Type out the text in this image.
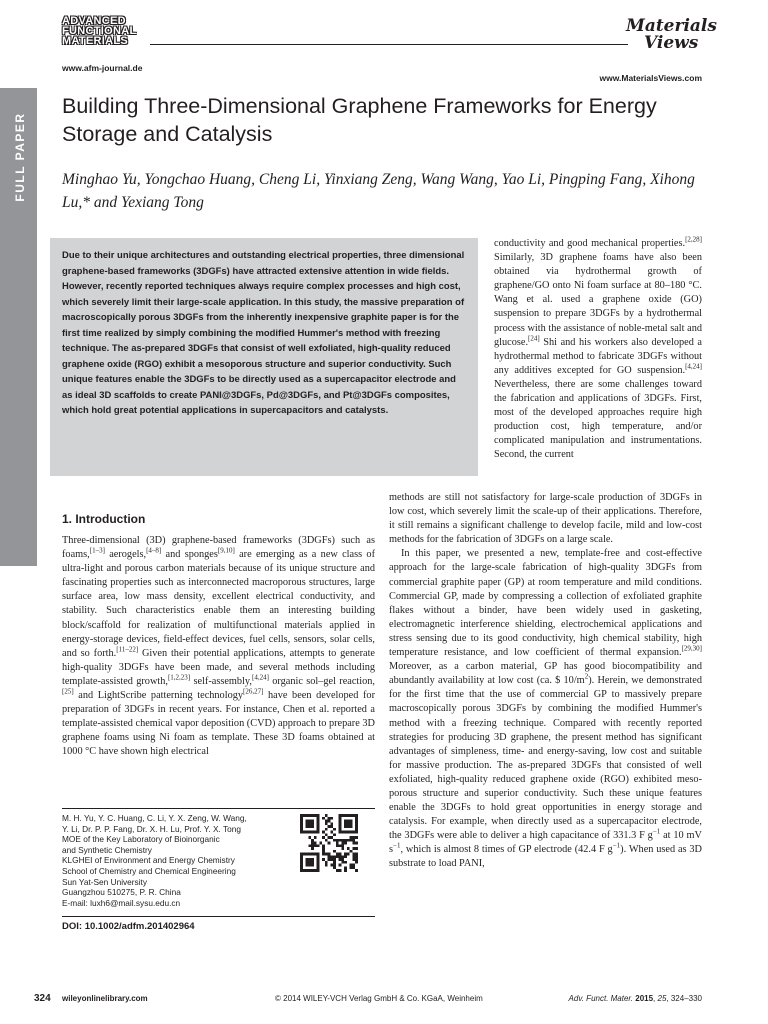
ADVANCED
FUNCTIONAL
MATERIALS
www.afm-journal.de
Materials
Views
www.MaterialsViews.com
FULL PAPER
Building Three-Dimensional Graphene Frameworks for Energy Storage and Catalysis

Minghao Yu, Yongchao Huang, Cheng Li, Yinxiang Zeng, Wang Wang, Yao Li, Pingping Fang, Xihong Lu,* and Yexiang Tong

Due to their unique architectures and outstanding electrical properties, three dimensional graphene-based frameworks (3DGFs) have attracted extensive attention in wide fields. However, recently reported techniques always require complex processes and high cost, which severely limit their large-scale application. In this study, the massive preparation of macroscopically porous 3DGFs from the inherently inexpensive graphite paper is for the first time realized by simply combining the modified Hummer's method with freezing technique. The as-prepared 3DGFs that consist of well exfoliated, high-quality reduced graphene oxide (RGO) exhibit a mesoporous structure and superior conductivity. Such unique features enable the 3DGFs to be directly used as a supercapacitor electrode and as ideal 3D scaffolds to create PANI@3DGFs, Pd@3DGFs, and Pt@3DGFs composites, which hold great potential applications in supercapacitors and catalysts.

conductivity and good mechanical properties.[2,28] Similarly, 3D graphene foams have also been obtained via hydrothermal growth of graphene/GO onto Ni foam surface at 80–180 °C. Wang et al. used a graphene oxide (GO) suspension to prepare 3DGFs by a hydrothermal process with the assistance of noble-metal salt and glucose.[24] Shi and his workers also developed a hydrothermal method to fabricate 3DGFs without any additives excepted for GO suspension.[4,24] Nevertheless, there are some challenges toward the fabrication and applications of 3DGFs. First, most of the developed approaches require high production cost, high temperature, and/or complicated manipulation and instrumentations. Second, the current

1. Introduction

Three-dimensional (3D) graphene-based frameworks (3DGFs) such as foams,[1–3] aerogels,[4–8] and sponges[9,10] are emerging as a new class of ultra-light and porous carbon materials because of its unique structure and fascinating properties such as interconnected macroporous structures, large surface area, low mass density, excellent electrical conductivity, and stability. Such characteristics enable them an interesting building block/scaffold for realization of multifunctional materials applied in energy-storage devices, field-effect devices, fuel cells, sensors, solar cells, and so forth.[11–22] Given their potential applications, attempts to generate high-quality 3DGFs have been made, and several methods including template-assisted growth,[1,2,23] self-assembly,[4,24] organic sol–gel reaction,[25] and LightScribe patterning technology[26,27] have been developed for preparation of 3DGFs in recent years. For instance, Chen et al. reported a template-assisted chemical vapor deposition (CVD) approach to prepare 3D graphene foams using Ni foam as template. These 3D foams obtained at 1000 °C have shown high electrical

methods are still not satisfactory for large-scale production of 3DGFs in low cost, which severely limit the scale-up of their applications. Therefore, it still remains a significant challenge to develop facile, mild and low-cost methods for the fabrication of 3DGFs on a large scale.

In this paper, we presented a new, template-free and cost-effective approach for the large-scale fabrication of high-quality 3DGFs from commercial graphite paper (GP) at room temperature and mild conditions. Commercial GP, made by compressing a collection of exfoliated graphite flakes without a binder, have been widely used in gasketing, electromagnetic interference shielding, electrochemical applications and stress sensing due to its good conductivity, high chemical stability, high temperature resistance, and low coefficient of thermal expansion.[29,30] Moreover, as a carbon material, GP has good biocompatibility and abundantly availability at low cost (ca. $ $10/m^2$). Herein, we demonstrated for the first time that the use of commercial GP to massively prepare macroscopically porous 3DGFs by combining the modified Hummer's method with a freezing technique. Compared with recently reported strategies for producing 3D graphene, the present method has significant advantages of simpleness, time- and energy-saving, low cost and suitable for massive production. The as-prepared 3DGFs that consisted of well exfoliated, high-quality reduced graphene oxide (RGO) exhibited meso-porous structure and superior conductivity. Such these unique features enable the 3DGFs to hold great opportunities in energy storage and catalysis. For example, when directly used as a supercapacitor electrode, the 3DGFs were able to deliver a high capacitance of 331.3 F $g^{-1}$ at 10 mV $s^{-1}$, which is almost 8 times of GP electrode (42.4 F $g^{-1}$). When used as 3D substrate to load PANI,

M. H. Yu, Y. C. Huang, C. Li, Y. X. Zeng, W. Wang,
Y. Li, Dr. P. P. Fang, Dr. X. H. Lu, Prof. Y. X. Tong
MOE of the Key Laboratory of Bioinorganic
and Synthetic Chemistry
KLGHEI of Environment and Energy Chemistry
School of Chemistry and Chemical Engineering
Sun Yat-Sen University
Guangzhou 510275, P. R. China
E-mail: luxh6@mail.sysu.edu.cn
DOI: 10.1002/adfm.201402964
324 wileyonlinelibrary.com	© 2014 WILEY-VCH Verlag GmbH & Co. KGaA, Weinheim	Adv. Funct. Mater. 2015, 25, 324–330
